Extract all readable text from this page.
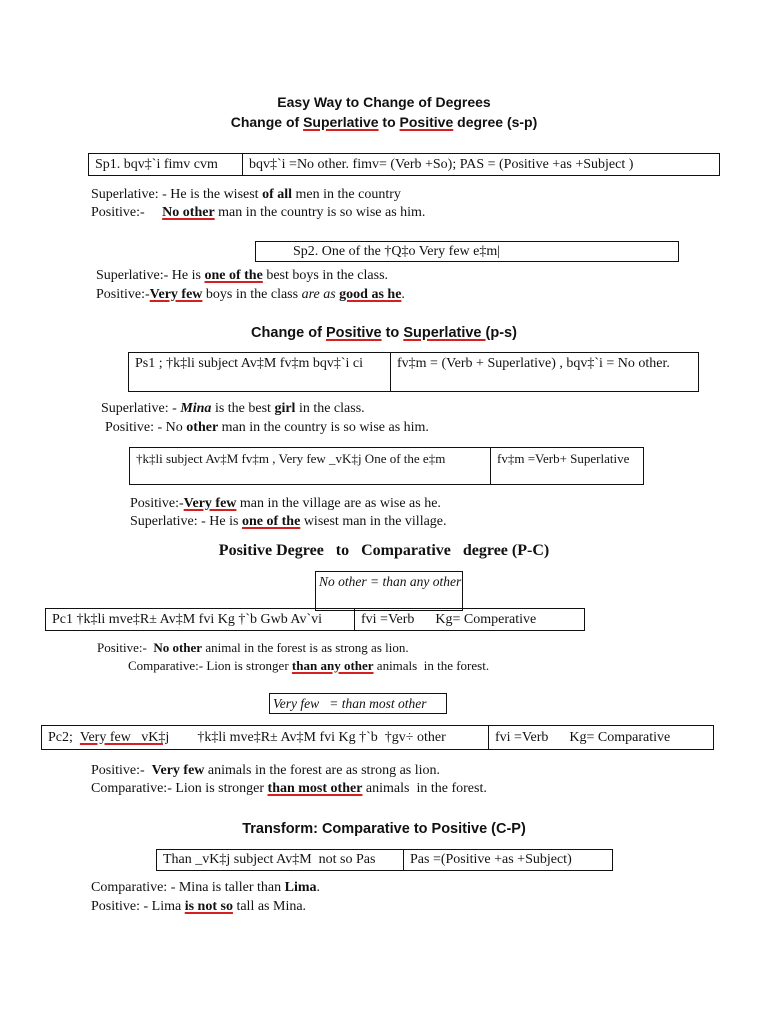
Easy Way to Change of Degrees
Change of Superlative to Positive degree (s-p)
Sp1. bqv‡`i fimv cvm	bqv‡`i =No other. fimv= (Verb +So); PAS = (Positive +as +Subject )
Superlative: - He is the wisest of all men in the country
Positive:-     No other man in the country is so wise as him.
Sp2. One of the †Q‡o Very few e‡m|
Superlative:- He is one of the best boys in the class.
Positive:-Very few boys in the class are as good as he.
Change of Positive to Superlative (p-s)
Ps1 ; †k‡li subject Av‡M fv‡m bqv‡`i ci	fv‡m = (Verb + Superlative) , bqv‡`i = No other.
Superlative: - Mina is the best girl in the class.
Positive: - No other man in the country is so wise as him.
†k‡li subject Av‡M fv‡m , Very few _vK‡j One of the e‡m	fv‡m =Verb+ Superlative
Positive:-Very few man in the village are as wise as he.
Superlative: - He is one of the wisest man in the village.
Positive Degree   to   Comparative   degree (P-C)
No other = than any other
Pc1 †k‡li mve‡R± Av‡M fvi Kg †`b Gwb Av`vi	fvi =Verb      Kg= Comperative
Positive:-  No other animal in the forest is as strong as lion.
Comparative:- Lion is stronger than any other animals  in the forest.
Very few   = than most other
Pc2; Very few   vK‡j †k‡li mve‡R± Av‡M fvi Kg †`b  †gv÷ other	fvi =Verb      Kg= Comparative
Positive:-  Very few animals in the forest are as strong as lion.
Comparative:- Lion is stronger than most other animals  in the forest.
Transform: Comparative to Positive (C-P)
Than _vK‡j subject Av‡M  not so Pas	Pas =(Positive +as +Subject)
Comparative: - Mina is taller than Lima.
Positive: - Lima is not so tall as Mina.
